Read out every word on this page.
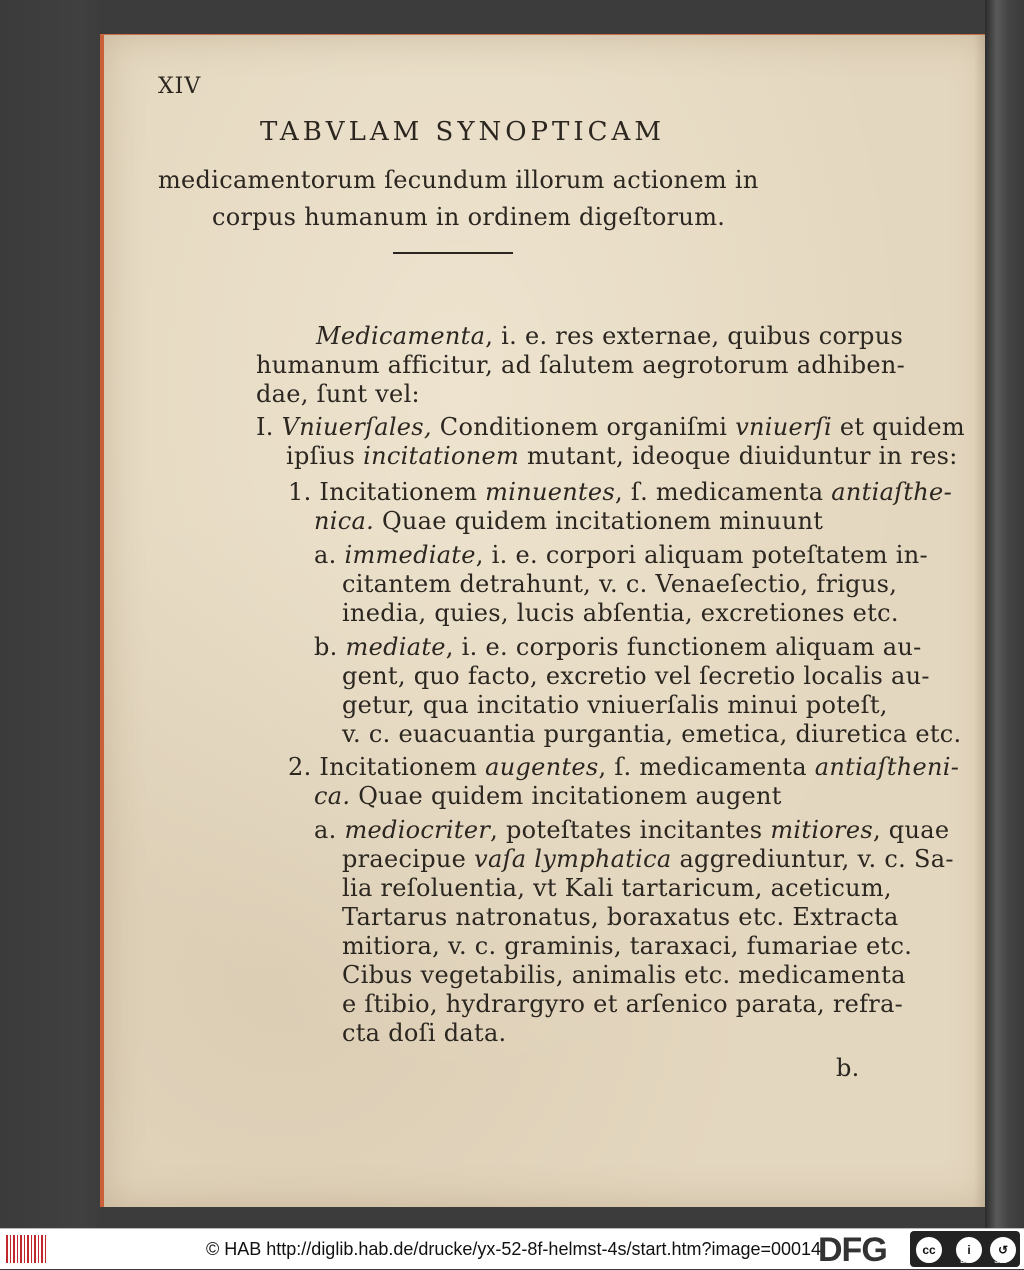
XIV
TABVLAM SYNOPTICAM
medicamentorum ſecundum illorum actionem in
corpus humanum in ordinem digeſtorum.
Medicamenta, i. e. res externae, quibus corpus
humanum afficitur, ad ſalutem aegrotorum adhiben-
dae, ſunt vel:
I. Vniuerſales, Conditionem organiſmi vniuerſi et quidem
ipſius incitationem mutant, ideoque diuiduntur in res:
1. Incitationem minuentes, ſ. medicamenta antiaſthe-
nica. Quae quidem incitationem minuunt
a. immediate, i. e. corpori aliquam poteſtatem in-
citantem detrahunt, v. c. Venaeſectio, frigus,
inedia, quies, lucis abſentia, excretiones etc.
b. mediate, i. e. corporis functionem aliquam au-
gent, quo facto, excretio vel ſecretio localis au-
getur, qua incitatio vniuerſalis minui poteſt,
v. c. euacuantia purgantia, emetica, diuretica etc.
2. Incitationem augentes, ſ. medicamenta antiaſtheni-
ca. Quae quidem incitationem augent
a. mediocriter, poteſtates incitantes mitiores, quae
praecipue vaſa lymphatica aggrediuntur, v. c. Sa-
lia reſoluentia, vt Kali tartaricum, aceticum,
Tartarus natronatus, boraxatus etc. Extracta
mitiora, v. c. graminis, taraxaci, fumariae etc.
Cibus vegetabilis, animalis etc. medicamenta
e ſtibio, hydrargyro et arſenico parata, refra-
cta doſi data.
b.
© HAB http://diglib.hab.de/drucke/yx-52-8f-helmst-4s/start.htm?image=00014
DFG	cc	i	↺
BY SA
